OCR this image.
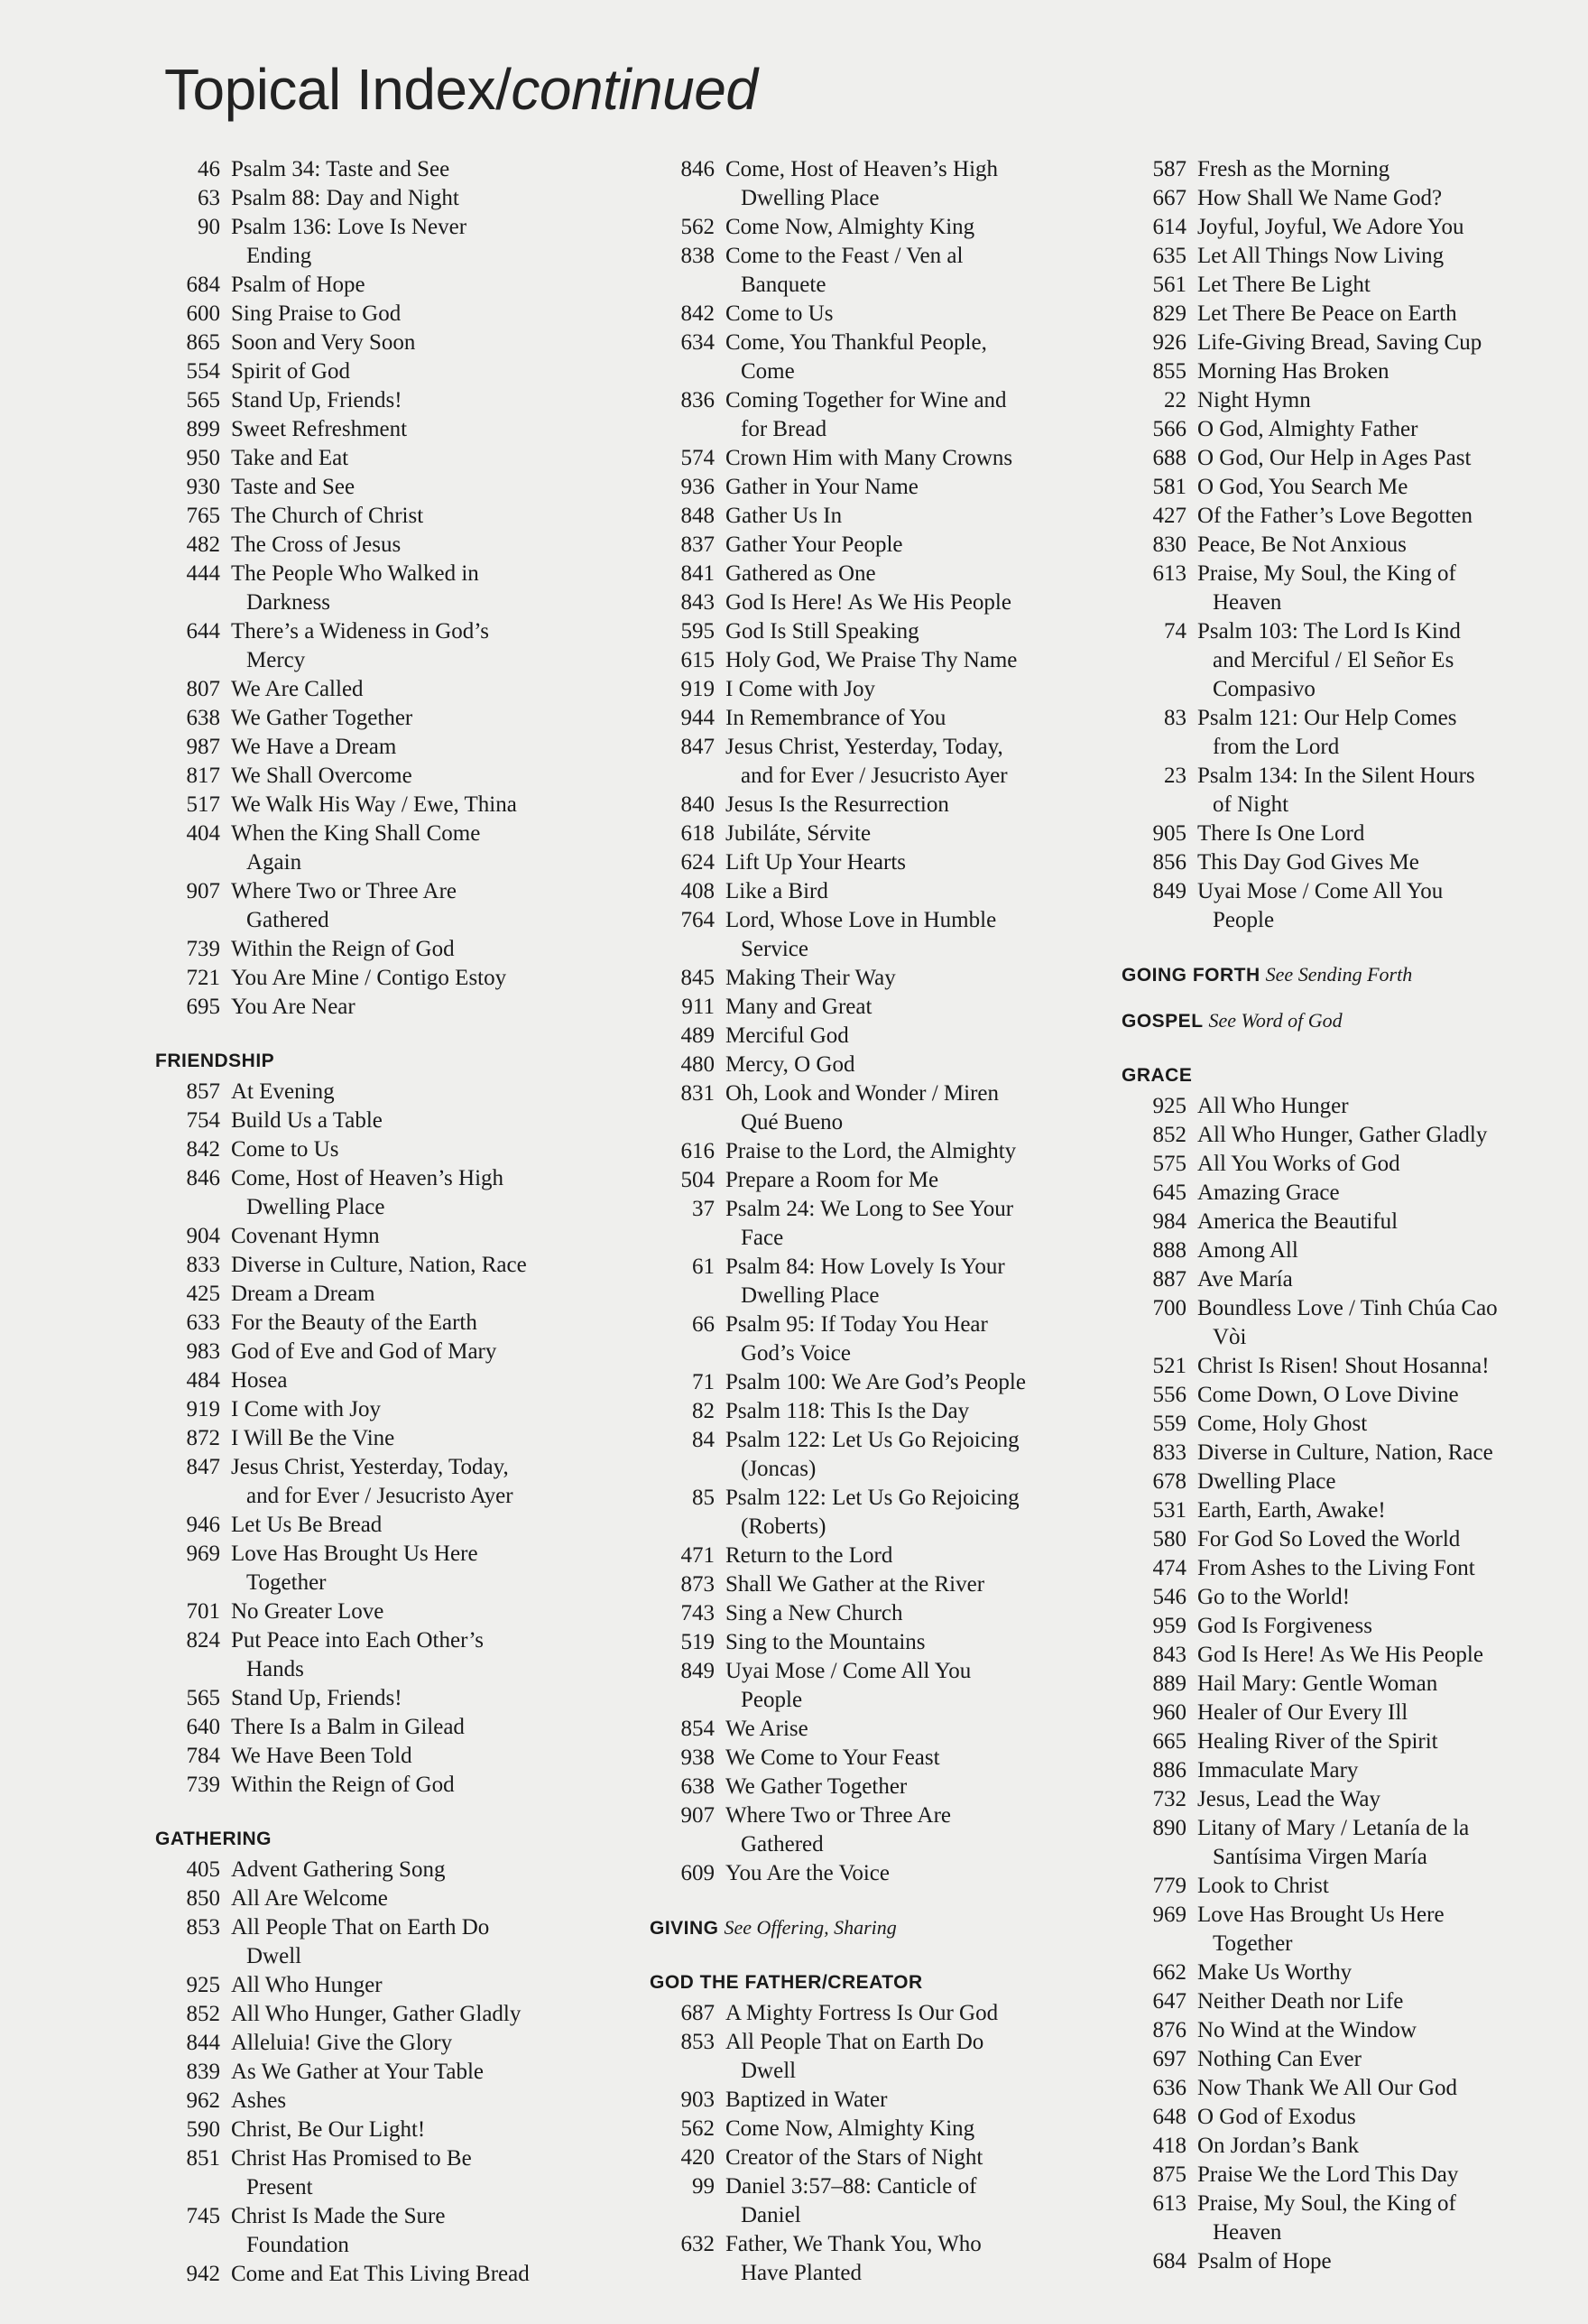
Topical Index/continued
46 Psalm 34: Taste and See
63 Psalm 88: Day and Night
90 Psalm 136: Love Is Never
Ending
684 Psalm of Hope
600 Sing Praise to God
865 Soon and Very Soon
554 Spirit of God
565 Stand Up, Friends!
899 Sweet Refreshment
950 Take and Eat
930 Taste and See
765 The Church of Christ
482 The Cross of Jesus
444 The People Who Walked in
Darkness
644 There’s a Wideness in God’s
Mercy
807 We Are Called
638 We Gather Together
987 We Have a Dream
817 We Shall Overcome
517 We Walk His Way / Ewe, Thina
404 When the King Shall Come
Again
907 Where Two or Three Are
Gathered
739 Within the Reign of God
721 You Are Mine / Contigo Estoy
695 You Are Near
FRIENDSHIP
857 At Evening
754 Build Us a Table
842 Come to Us
846 Come, Host of Heaven’s High
Dwelling Place
904 Covenant Hymn
833 Diverse in Culture, Nation, Race
425 Dream a Dream
633 For the Beauty of the Earth
983 God of Eve and God of Mary
484 Hosea
919 I Come with Joy
872 I Will Be the Vine
847 Jesus Christ, Yesterday, Today,
and for Ever / Jesucristo Ayer
946 Let Us Be Bread
969 Love Has Brought Us Here
Together
701 No Greater Love
824 Put Peace into Each Other’s
Hands
565 Stand Up, Friends!
640 There Is a Balm in Gilead
784 We Have Been Told
739 Within the Reign of God
GATHERING
405 Advent Gathering Song
850 All Are Welcome
853 All People That on Earth Do
Dwell
925 All Who Hunger
852 All Who Hunger, Gather Gladly
844 Alleluia! Give the Glory
839 As We Gather at Your Table
962 Ashes
590 Christ, Be Our Light!
851 Christ Has Promised to Be
Present
745 Christ Is Made the Sure
Foundation
942 Come and Eat This Living Bread
846 Come, Host of Heaven’s High
Dwelling Place
562 Come Now, Almighty King
838 Come to the Feast / Ven al
Banquete
842 Come to Us
634 Come, You Thankful People,
Come
836 Coming Together for Wine and
for Bread
574 Crown Him with Many Crowns
936 Gather in Your Name
848 Gather Us In
837 Gather Your People
841 Gathered as One
843 God Is Here! As We His People
595 God Is Still Speaking
615 Holy God, We Praise Thy Name
919 I Come with Joy
944 In Remembrance of You
847 Jesus Christ, Yesterday, Today,
and for Ever / Jesucristo Ayer
840 Jesus Is the Resurrection
618 Jubiláte, Sérvite
624 Lift Up Your Hearts
408 Like a Bird
764 Lord, Whose Love in Humble
Service
845 Making Their Way
911 Many and Great
489 Merciful God
480 Mercy, O God
831 Oh, Look and Wonder / Miren
Qué Bueno
616 Praise to the Lord, the Almighty
504 Prepare a Room for Me
37 Psalm 24: We Long to See Your
Face
61 Psalm 84: How Lovely Is Your
Dwelling Place
66 Psalm 95: If Today You Hear
God’s Voice
71 Psalm 100: We Are God’s People
82 Psalm 118: This Is the Day
84 Psalm 122: Let Us Go Rejoicing
(Joncas)
85 Psalm 122: Let Us Go Rejoicing
(Roberts)
471 Return to the Lord
873 Shall We Gather at the River
743 Sing a New Church
519 Sing to the Mountains
849 Uyai Mose / Come All You
People
854 We Arise
938 We Come to Your Feast
638 We Gather Together
907 Where Two or Three Are
Gathered
609 You Are the Voice
GIVING See Offering, Sharing
GOD THE FATHER/CREATOR
687 A Mighty Fortress Is Our God
853 All People That on Earth Do
Dwell
903 Baptized in Water
562 Come Now, Almighty King
420 Creator of the Stars of Night
99 Daniel 3:57–88: Canticle of
Daniel
632 Father, We Thank You, Who
Have Planted
587 Fresh as the Morning
667 How Shall We Name God?
614 Joyful, Joyful, We Adore You
635 Let All Things Now Living
561 Let There Be Light
829 Let There Be Peace on Earth
926 Life-Giving Bread, Saving Cup
855 Morning Has Broken
22 Night Hymn
566 O God, Almighty Father
688 O God, Our Help in Ages Past
581 O God, You Search Me
427 Of the Father’s Love Begotten
830 Peace, Be Not Anxious
613 Praise, My Soul, the King of
Heaven
74 Psalm 103: The Lord Is Kind
and Merciful / El Señor Es
Compasivo
83 Psalm 121: Our Help Comes
from the Lord
23 Psalm 134: In the Silent Hours
of Night
905 There Is One Lord
856 This Day God Gives Me
849 Uyai Mose / Come All You
People
GOING FORTH See Sending Forth
GOSPEL See Word of God
GRACE
925 All Who Hunger
852 All Who Hunger, Gather Gladly
575 All You Works of God
645 Amazing Grace
984 America the Beautiful
888 Among All
887 Ave María
700 Boundless Love / Tinh Chúa Cao
Vòi
521 Christ Is Risen! Shout Hosanna!
556 Come Down, O Love Divine
559 Come, Holy Ghost
833 Diverse in Culture, Nation, Race
678 Dwelling Place
531 Earth, Earth, Awake!
580 For God So Loved the World
474 From Ashes to the Living Font
546 Go to the World!
959 God Is Forgiveness
843 God Is Here! As We His People
889 Hail Mary: Gentle Woman
960 Healer of Our Every Ill
665 Healing River of the Spirit
886 Immaculate Mary
732 Jesus, Lead the Way
890 Litany of Mary / Letanía de la
Santísima Virgen María
779 Look to Christ
969 Love Has Brought Us Here
Together
662 Make Us Worthy
647 Neither Death nor Life
876 No Wind at the Window
697 Nothing Can Ever
636 Now Thank We All Our God
648 O God of Exodus
418 On Jordan’s Bank
875 Praise We the Lord This Day
613 Praise, My Soul, the King of
Heaven
684 Psalm of Hope
